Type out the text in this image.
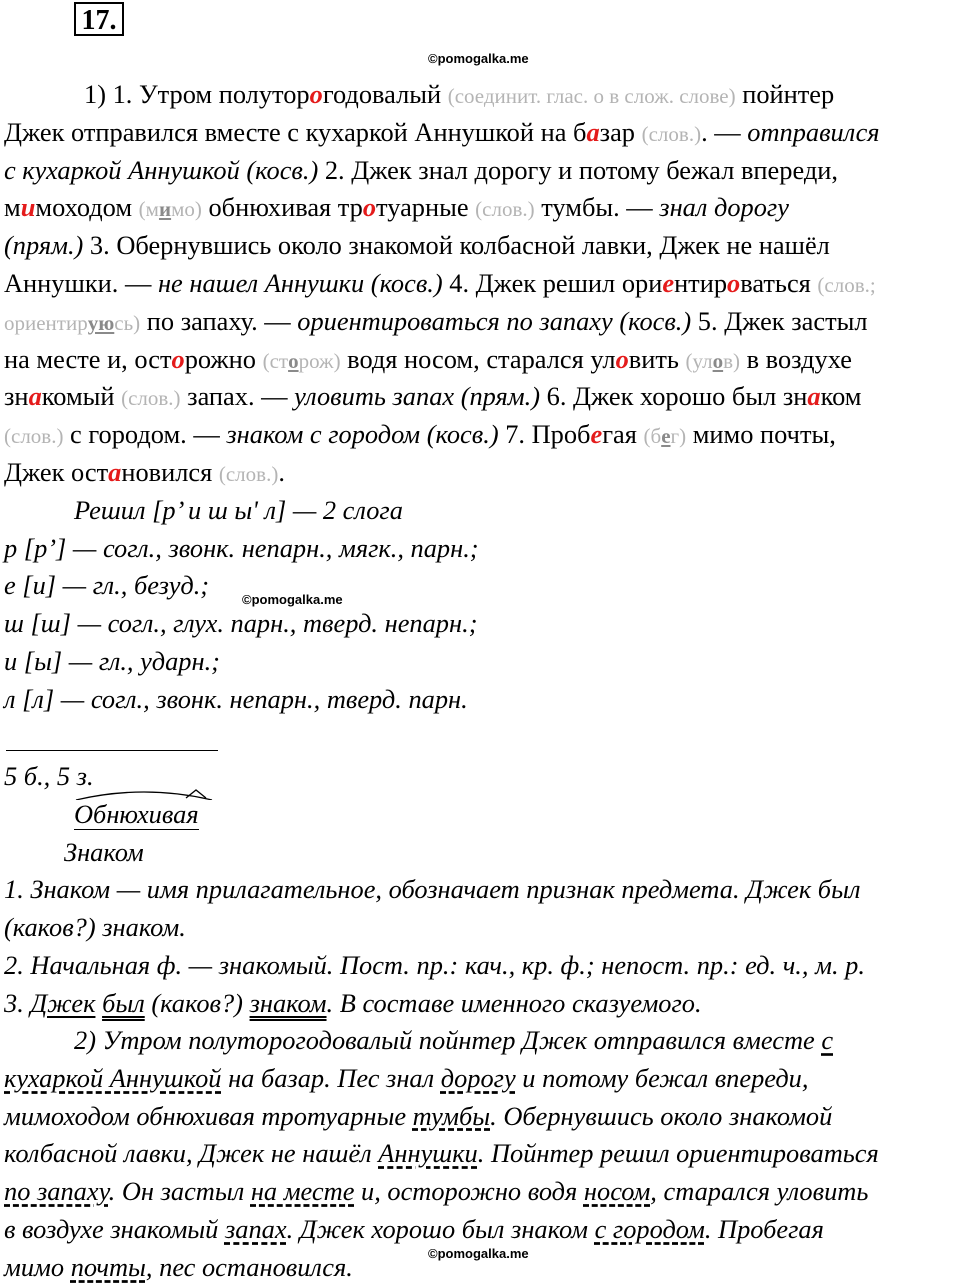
17.
©pomogalka.me
©pomogalka.me
©pomogalka.me
1) 1. Утром полуторогодовалый (соединит. глас. о в слож. слове) пойнтер
Джек отправился вместе с кухаркой Аннушкой на базар (слов.). — отправился
с кухаркой Аннушкой (косв.) 2. Джек знал дорогу и потому бежал впереди,
мимоходом (мимо) обнюхивая тротуарные (слов.) тумбы. — знал дорогу
(прям.) 3. Обернувшись около знакомой колбасной лавки, Джек не нашёл
Аннушки. — не нашел Аннушки (косв.) 4. Джек решил ориентироваться (слов.;
ориентируюсь) по запаху. — ориентироваться по запаху (косв.) 5. Джек застыл
на месте и, осторожно (сторож) водя носом, старался уловить (улов) в воздухе
знакомый (слов.) запах. — уловить запах (прям.) 6. Джек хорошо был знаком
(слов.) с городом. — знаком с городом (косв.) 7. Пробегая (бег) мимо почты,
Джек остановился (слов.).
Решил [р’ и ш ы' л] — 2 слога
р [р’] — согл., звонк. непарн., мягк., парн.;
е [и] — гл., безуд.;
ш [ш] — согл., глух. парн., тверд. непарн.;
и [ы] — гл., ударн.;
л [л] — согл., звонк. непарн., тверд. парн.
5 б., 5 з.
Обнюхивая
Знаком
1. Знаком — имя прилагательное, обозначает признак предмета. Джек был
(каков?) знаком.
2. Начальная ф. — знакомый. Пост. пр.: кач., кр. ф.; непост. пр.: ед. ч., м. р.
3. Джек был (каков?) знаком. В составе именного сказуемого.
2) Утром полуторогодовалый пойнтер Джек отправился вместе с
кухаркой Аннушкой на базар. Пес знал дорогу и потому бежал впереди,
мимоходом обнюхивая тротуарные тумбы. Обернувшись около знакомой
колбасной лавки, Джек не нашёл Аннушки. Пойнтер решил ориентироваться
по запаху. Он застыл на месте и, осторожно водя носом, старался уловить
в воздухе знакомый запах. Джек хорошо был знаком с городом. Пробегая
мимо почты, пес остановился.
